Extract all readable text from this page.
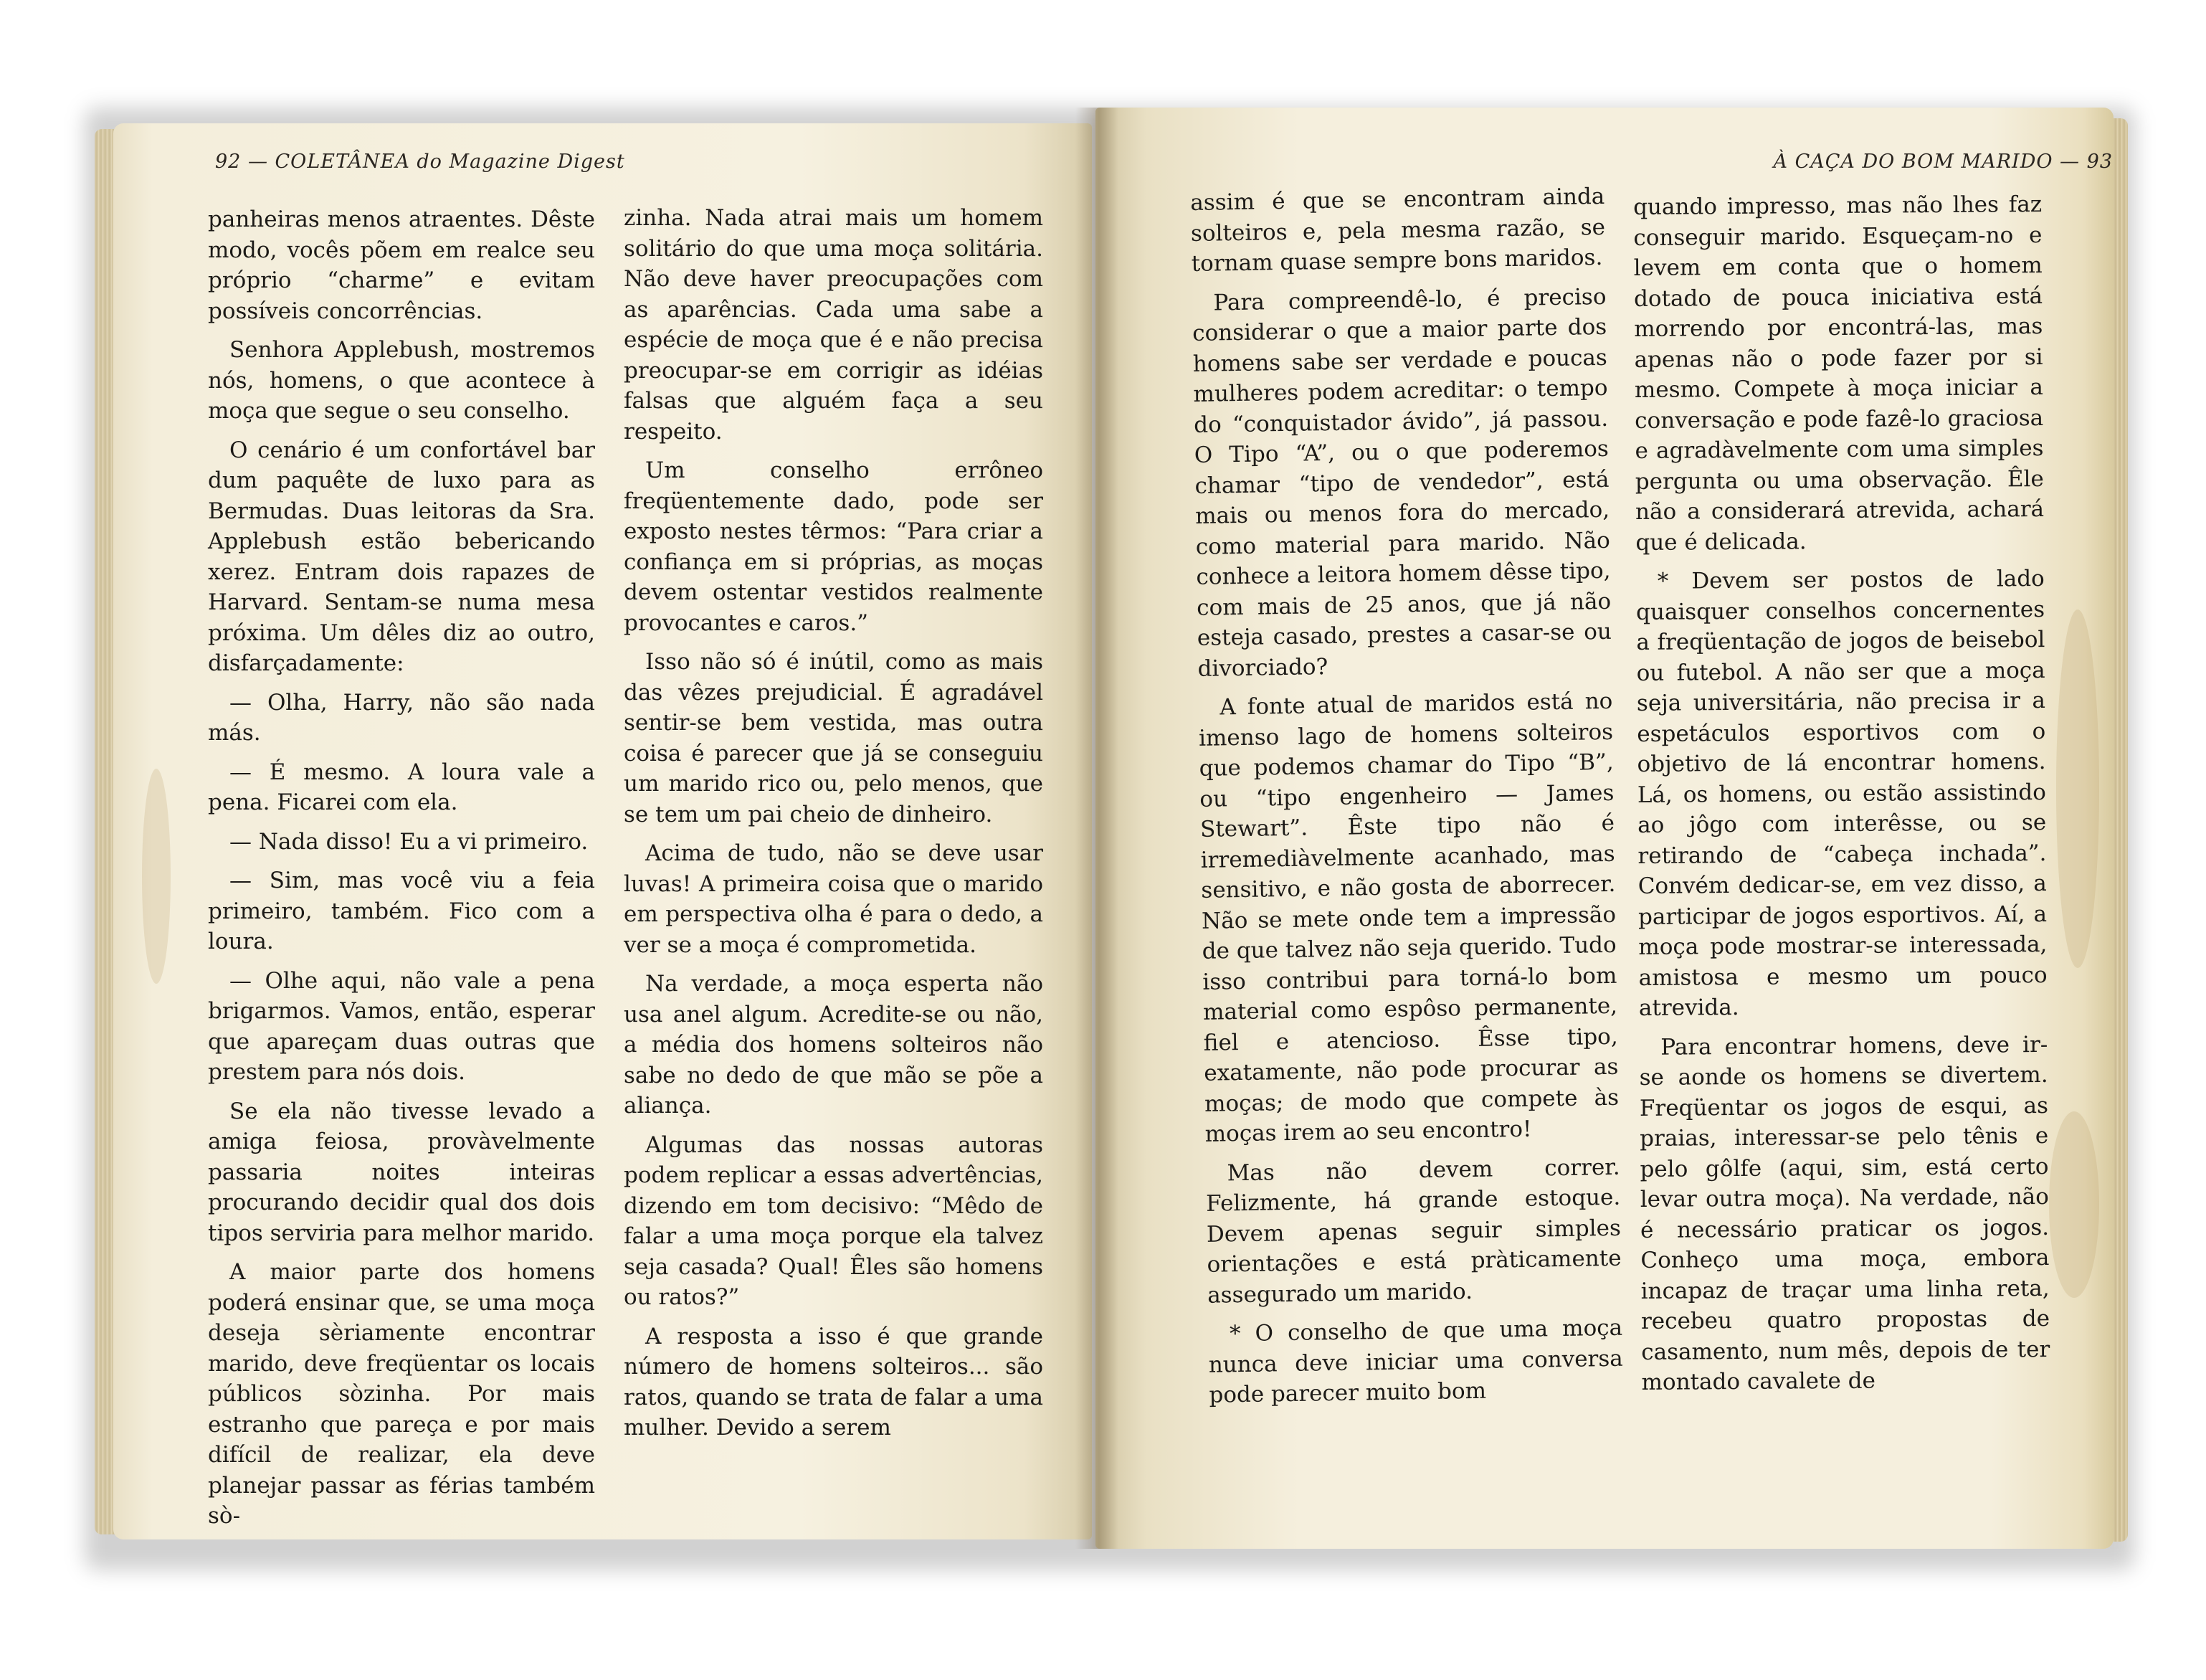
92 — COLETÂNEA do Magazine Digest	À CAÇA DO BOM MARIDO — 93

panheiras menos atraentes. Dêste modo, vocês põem em realce seu próprio “charme” e evitam possíveis concorrências.

Senhora Applebush, mostremos nós, homens, o que acontece à moça que segue o seu conselho.

O cenário é um confortável bar dum paquête de luxo para as Bermudas. Duas leitoras da Sra. Applebush estão bebericando xerez. Entram dois rapazes de Harvard. Sentam-se numa mesa próxima. Um dêles diz ao outro, disfarçadamente:

— Olha, Harry, não são nada más.

— É mesmo. A loura vale a pena. Ficarei com ela.

— Nada disso! Eu a vi primeiro.

— Sim, mas você viu a feia primeiro, também. Fico com a loura.

— Olhe aqui, não vale a pena brigarmos. Vamos, então, esperar que apareçam duas outras que prestem para nós dois.

Se ela não tivesse levado a amiga feiosa, provàvelmente passaria noites inteiras procurando decidir qual dos dois tipos serviria para melhor marido.

A maior parte dos homens poderá ensinar que, se uma moça deseja sèriamente encontrar marido, deve freqüentar os locais públicos sòzinha. Por mais estranho que pareça e por mais difícil de realizar, ela deve planejar passar as férias também sò-

zinha. Nada atrai mais um homem solitário do que uma moça solitária. Não deve haver preocupações com as aparências. Cada uma sabe a espécie de moça que é e não precisa preocupar-se em corrigir as idéias falsas que alguém faça a seu respeito.

Um conselho errôneo freqüentemente dado, pode ser exposto nestes têrmos: “Para criar a confiança em si próprias, as moças devem ostentar vestidos realmente provocantes e caros.”

Isso não só é inútil, como as mais das vêzes prejudicial. É agradável sentir-se bem vestida, mas outra coisa é parecer que já se conseguiu um marido rico ou, pelo menos, que se tem um pai cheio de dinheiro.

Acima de tudo, não se deve usar luvas! A primeira coisa que o marido em perspectiva olha é para o dedo, a ver se a moça é comprometida.

Na verdade, a moça esperta não usa anel algum. Acredite-se ou não, a média dos homens solteiros não sabe no dedo de que mão se põe a aliança.

Algumas das nossas autoras podem replicar a essas advertências, dizendo em tom decisivo: “Mêdo de falar a uma moça porque ela talvez seja casada? Qual! Êles são homens ou ratos?”

A resposta a isso é que grande número de homens solteiros... são ratos, quando se trata de falar a uma mulher. Devido a serem

assim é que se encontram ainda solteiros e, pela mesma razão, se tornam quase sempre bons maridos.

Para compreendê-lo, é preciso considerar o que a maior parte dos homens sabe ser verdade e poucas mulheres podem acreditar: o tempo do “conquistador ávido”, já passou. O Tipo “A”, ou o que poderemos chamar “tipo de vendedor”, está mais ou menos fora do mercado, como material para marido. Não conhece a leitora homem dêsse tipo, com mais de 25 anos, que já não esteja casado, prestes a casar-se ou divorciado?

A fonte atual de maridos está no imenso lago de homens solteiros que podemos chamar do Tipo “B”, ou “tipo engenheiro — James Stewart”. Êste tipo não é irremediàvelmente acanhado, mas sensitivo, e não gosta de aborrecer. Não se mete onde tem a impressão de que talvez não seja querido. Tudo isso contribui para torná-lo bom material como espôso permanente, fiel e atencioso. Êsse tipo, exatamente, não pode procurar as moças; de modo que compete às moças irem ao seu encontro!

Mas não devem correr. Felizmente, há grande estoque. Devem apenas seguir simples orientações e está pràticamente assegurado um marido.

* O conselho de que uma moça nunca deve iniciar uma conversa pode parecer muito bom

quando impresso, mas não lhes faz conseguir marido. Esqueçam-no e levem em conta que o homem dotado de pouca iniciativa está morrendo por encontrá-las, mas apenas não o pode fazer por si mesmo. Compete à moça iniciar a conversação e pode fazê-lo graciosa e agradàvelmente com uma simples pergunta ou uma observação. Êle não a considerará atrevida, achará que é delicada.

* Devem ser postos de lado quaisquer conselhos concernentes a freqüentação de jogos de beisebol ou futebol. A não ser que a moça seja universitária, não precisa ir a espetáculos esportivos com o objetivo de lá encontrar homens. Lá, os homens, ou estão assistindo ao jôgo com interêsse, ou se retirando de “cabeça inchada”. Convém dedicar-se, em vez disso, a participar de jogos esportivos. Aí, a moça pode mostrar-se interessada, amistosa e mesmo um pouco atrevida.

Para encontrar homens, deve ir-se aonde os homens se divertem. Freqüentar os jogos de esqui, as praias, interessar-se pelo tênis e pelo gôlfe (aqui, sim, está certo levar outra moça). Na verdade, não é necessário praticar os jogos. Conheço uma moça, embora incapaz de traçar uma linha reta, recebeu quatro propostas de casamento, num mês, depois de ter montado cavalete de
